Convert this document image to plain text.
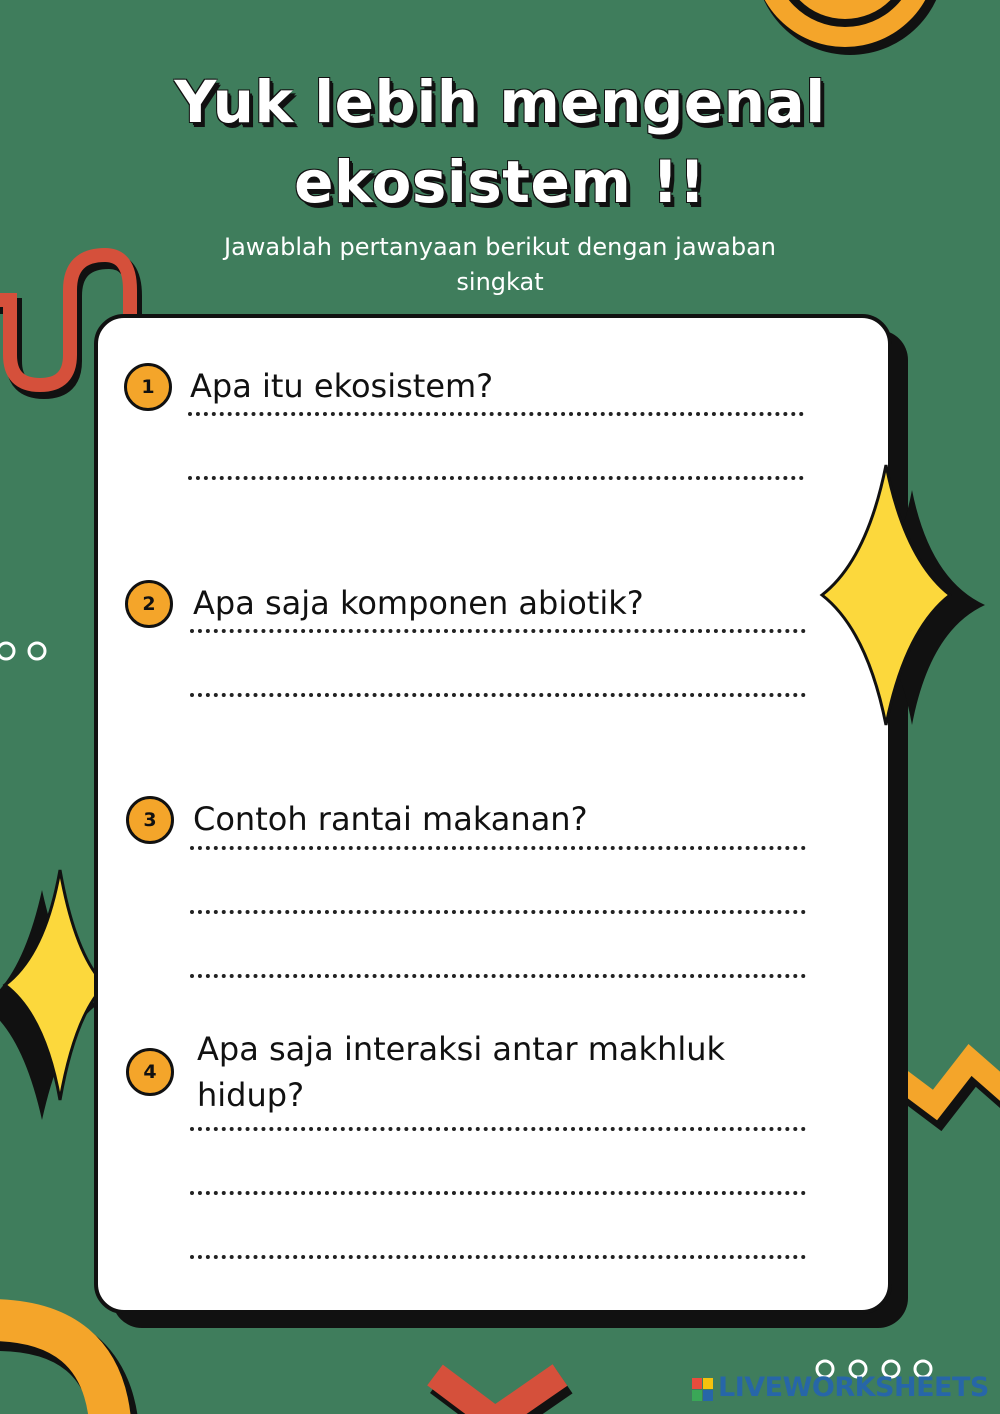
Yuk lebih mengenal
ekosistem !!
Jawablah pertanyaan berikut dengan jawaban
singkat
1	Apa itu ekosistem?
2	Apa saja komponen abiotik?
3	Contoh rantai makanan?
4
Apa saja interaksi antar makhluk
hidup?
LIVEWORKSHEETS
